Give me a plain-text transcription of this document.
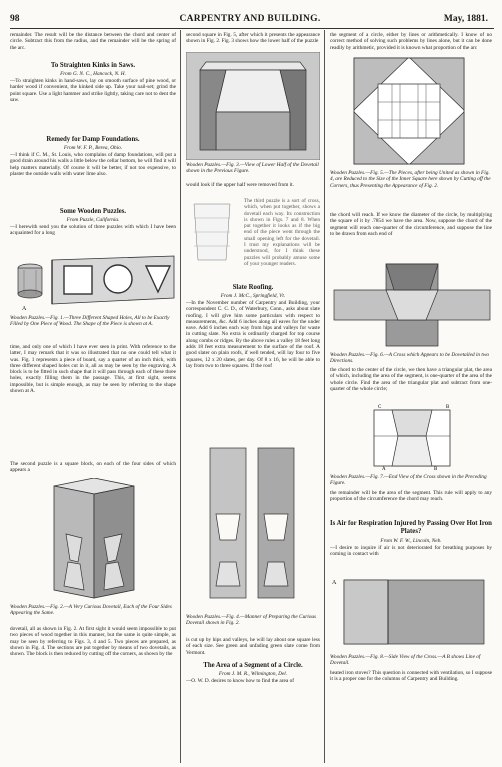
98	CARPENTRY AND BUILDING.	May, 1881.

remainder. The result will be the distance between the chord and center of circle. Subtract this from the radius, and the remainder will be the spring of the arc.

To Straighten Kinks in Saws.

From G. N. C., Hancock, N. H.

—To straighten kinks in hand-saws, lay on smooth surface of pine wood, or harder wood if convenient, the kinked side up. Take your nail-set; grind the point square. Use a light hammer and strike lightly, taking care not to dent the saw.

Remedy for Damp Foundations.

From W. F. P., Berea, Ohio.

—I think if C. M., St. Louis, who complains of damp foundations, will put a good drain around his walls a little below the cellar bottom, he will find it will help matters materially. Of course it will be better, if not too expensive, to plaster the outside walls with water lime also.

Some Wooden Puzzles.

From Puzzle, California.

—I herewith send you the solution of three puzzles with which I have been acquainted for a long

A

Wooden Puzzles.—Fig. 1.—Three Different Shaped Holes, All to be Exactly Filled by One Piece of Wood. The Shape of the Piece is shown at A.

time, and only one of which I have ever seen in print. With reference to the latter, I may remark that it was so illustrated that no one could tell what it was. Fig. 1 represents a piece of board, say a quarter of an inch thick, with three different shaped holes cut in it, all as may be seen by the engraving. A block is to be fitted in such shape that it will pass through each of these three holes, exactly filling them in the passage. This, at first sight, seems impossible, but is simple enough, as may be seen by referring to the shape shown at A.

The second puzzle is a square block, on each of the four sides of which appears a

Wooden Puzzles.—Fig. 2.—A Very Curious Dovetail, Each of the Four Sides Appearing the Same.

dovetail, all as shown in Fig. 2. At first sight it would seem impossible to put two pieces of wood together in this manner, but the same is quite simple, as may be seen by referring to Figs. 3, 4 and 5. Two pieces are prepared, as shown in Fig. 4. The sections are put together by means of two dovetails, as shown. The block is then reduced by cutting off the corners, as shown by the

second square in Fig. 5, after which it presents the appearance shown in Fig. 2. Fig. 3 shows how the lower half of the puzzle

Wooden Puzzles.—Fig. 3.—View of Lower Half of the Dovetail shown in the Previous Figure.

would look if the upper half were removed from it.

The third puzzle is a sort of cross, which, when put together, shows a dovetail each way. Its construction is shown in Figs. 7 and 8. When put together it looks as if the big end of the piece went through the small opening left for the dovetail. I trust my explanations will be understood, for I think these puzzles will probably amuse some of your younger readers.

Slate Roofing.

From J. McC., Springfield, Vt.

—In the November number of Carpentry and Building, your correspondent C. C. D., of Waterbury, Conn., asks about slate roofing. I will give him some particulars with respect to measurements, &c. Add 6 inches along all eaves for the under eave. Add 6 inches each way from hips and valleys for waste in cutting slate. No extra is ordinarily charged for top course along combs or ridges. By the above rules a valley 18 feet long adds 18 feet extra measurement to the surface of the roof. A good slater on plain roofs, if well tended, will lay four to five squares, 12 x 20 slates, per day. Of 8 x 16, he will be able to lay from two to three squares. If the roof

Wooden Puzzles.—Fig. 4.—Manner of Preparing the Curious Dovetail shown in Fig. 2.

is cut up by hips and valleys, he will lay about one square less of each size. See green and unfading green slate come from Vermont.

The Area of a Segment of a Circle.

From J. M. R., Wilmington, Del.

—O. W. D. desires to know how to find the area of

the segment of a circle, either by lines or arithmetically. I know of no correct method of solving such problems by lines alone, but it can be done readily by arithmetic, provided it is known what proportion of the arc

Wooden Puzzles.—Fig. 5.—The Pieces, after being United as shown in Fig. 4, are Reduced to the Size of the Inner Square here shown by Cutting off the Corners, thus Presenting the Appearance of Fig. 2.

the chord will reach. If we know the diameter of the circle, by multiplying the square of it by .7854 we have the area. Now, suppose the chord of the segment will reach one-quarter of the circumference, and suppose the line to be drawn from each end of

Wooden Puzzles.—Fig. 6.—A Cross which Appears to be Dovetailed in two Directions.

the chord to the center of the circle, we then have a triangular plat, the area of which, including the area of the segment, is one-quarter of the area of the whole circle. Find the area of the triangular plat and subtract from one-quarter of the whole circle;

C	B
A	B

Wooden Puzzles.—Fig. 7.—End View of the Cross shown in the Preceding Figure.

the remainder will be the area of the segment. This rule will apply to any proportion of the circumference the chord may reach.

Is Air for Respiration Injured by Passing Over Hot Iron Plates?

From W. F. W., Lincoln, Neb.

—I desire to inquire if air is not deteriorated for breathing purposes by coming in contact with

A

Wooden Puzzles.—Fig. 8.—Side View of the Cross.—A B shows Line of Dovetail.

heated iron stoves? This question is connected with ventilation, so I suppose it is a proper one for the columns of Carpentry and Building.
